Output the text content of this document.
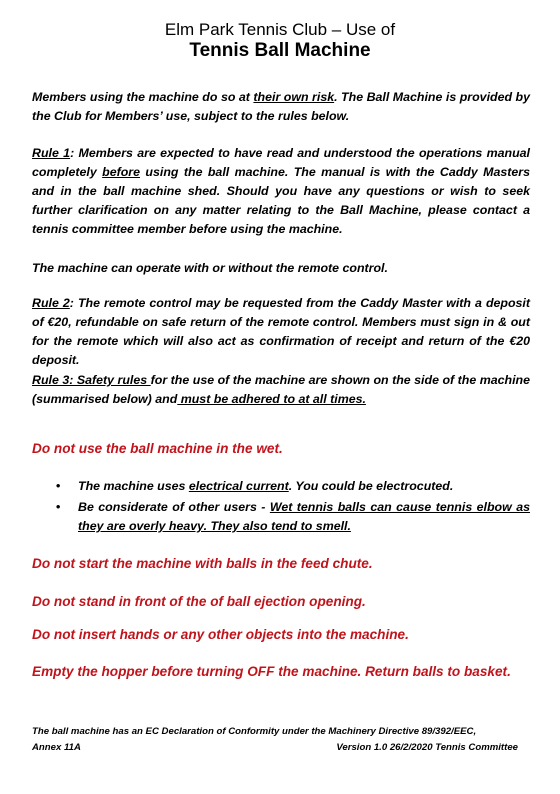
Elm Park Tennis Club – Use of
Tennis Ball Machine

Members using the machine do so at their own risk. The Ball Machine is provided by the Club for Members’ use, subject to the rules below.

Rule 1: Members are expected to have read and understood the operations manual completely before using the ball machine. The manual is with the Caddy Masters and in the ball machine shed. Should you have any questions or wish to seek further clarification on any matter relating to the Ball Machine, please contact a tennis committee member before using the machine.

The machine can operate with or without the remote control.

Rule 2: The remote control may be requested from the Caddy Master with a deposit of €20, refundable on safe return of the remote control. Members must sign in & out for the remote which will also act as confirmation of receipt and return of the €20 deposit.

Rule 3: Safety rules for the use of the machine are shown on the side of the machine (summarised below) and must be adhered to at all times.

Do not use the ball machine in the wet.
• The machine uses electrical current. You could be electrocuted.
• Be considerate of other users - Wet tennis balls can cause tennis elbow as they are overly heavy. They also tend to smell.
Do not start the machine with balls in the feed chute.
Do not stand in front of the of ball ejection opening.
Do not insert hands or any other objects into the machine.
Empty the hopper before turning OFF the machine. Return balls to basket.
The ball machine has an EC Declaration of Conformity under the Machinery Directive 89/392/EEC,
Annex 11A	Version 1.0 26/2/2020 Tennis Committee
